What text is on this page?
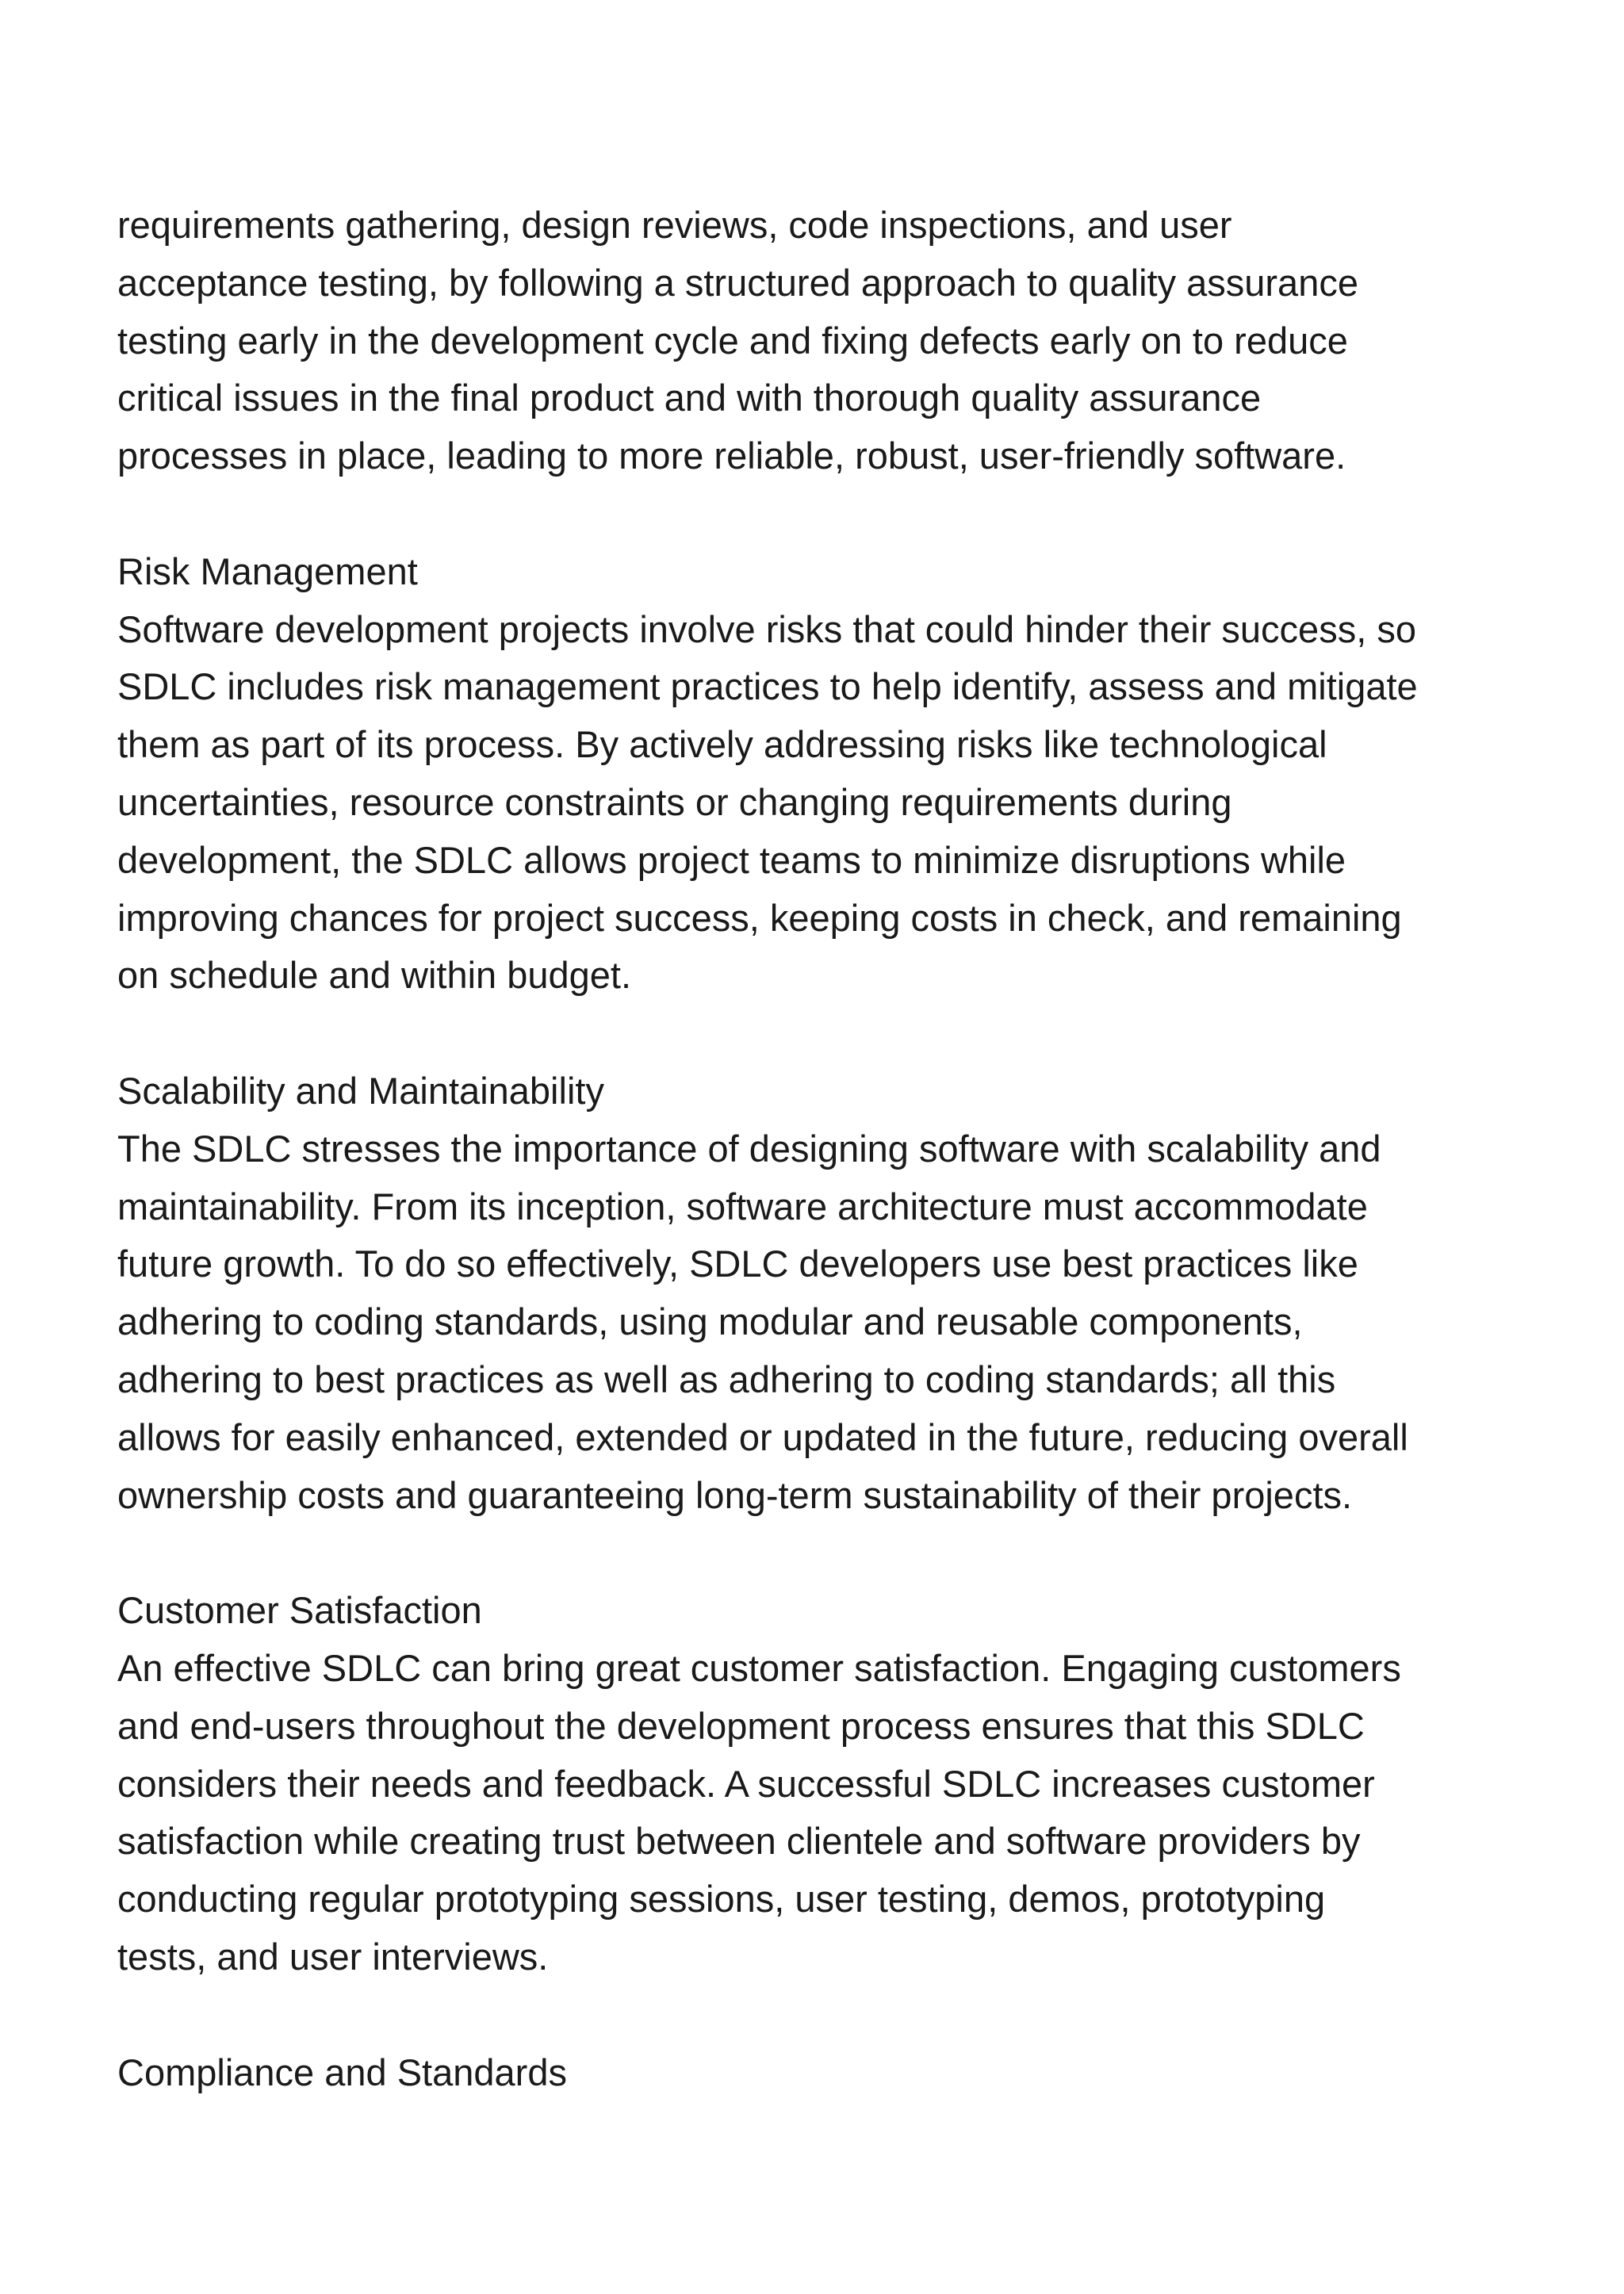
requirements gathering, design reviews, code inspections, and user
acceptance testing, by following a structured approach to quality assurance
testing early in the development cycle and fixing defects early on to reduce
critical issues in the final product and with thorough quality assurance
processes in place, leading to more reliable, robust, user-friendly software.
Risk Management
Software development projects involve risks that could hinder their success, so
SDLC includes risk management practices to help identify, assess and mitigate
them as part of its process. By actively addressing risks like technological
uncertainties, resource constraints or changing requirements during
development, the SDLC allows project teams to minimize disruptions while
improving chances for project success, keeping costs in check, and remaining
on schedule and within budget.
Scalability and Maintainability
The SDLC stresses the importance of designing software with scalability and
maintainability. From its inception, software architecture must accommodate
future growth. To do so effectively, SDLC developers use best practices like
adhering to coding standards, using modular and reusable components,
adhering to best practices as well as adhering to coding standards; all this
allows for easily enhanced, extended or updated in the future, reducing overall
ownership costs and guaranteeing long-term sustainability of their projects.
Customer Satisfaction
An effective SDLC can bring great customer satisfaction. Engaging customers
and end-users throughout the development process ensures that this SDLC
considers their needs and feedback. A successful SDLC increases customer
satisfaction while creating trust between clientele and software providers by
conducting regular prototyping sessions, user testing, demos, prototyping
tests, and user interviews.
Compliance and Standards
